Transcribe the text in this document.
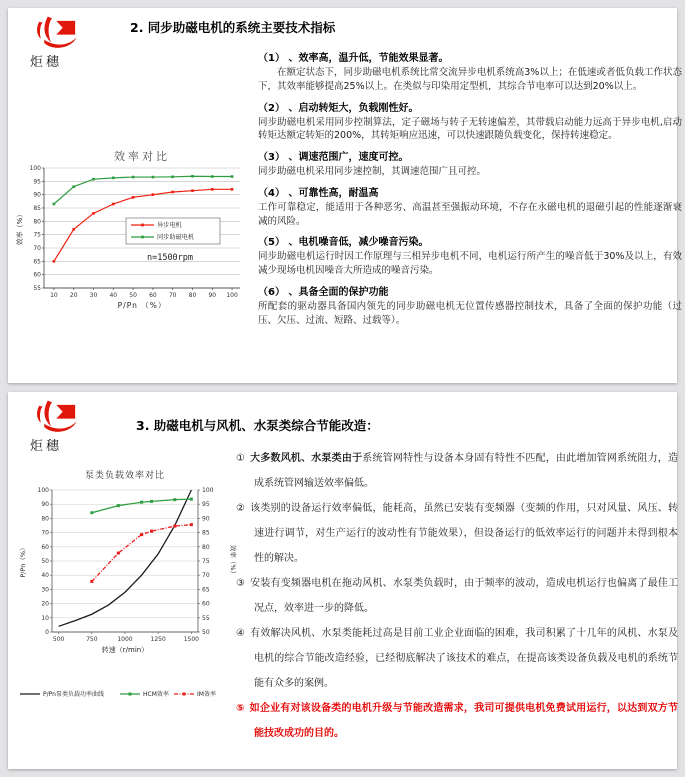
炬穗
2. 同步助磁电机的系统主要技术指标
效率对比
55
60
65
70
75
80
85
90
95
100
10 20 30 40 50 60 70 80 90 100
P/Pn （%）
效率（%）	异步电机
同步助磁电机
n=1500rpm
（1） 、效率高，温升低，节能效果显著。
在额定状态下，同步助磁电机系统比常交流异步电机系统高3%以上；在低速或者低负载工作状态下，其效率能够提高25%以上。在类似与印染用定型机，其综合节电率可以达到20%以上。
（2） 、启动转矩大，负载刚性好。
同步助磁电机采用同步控制算法，定子磁场与转子无转速偏差，其带载启动能力远高于异步电机,启动转矩达额定转矩的200%，其转矩响应迅速，可以快速跟随负载变化，保持转速稳定。
（3） 、调速范围广，速度可控。
同步助磁电机采用同步速控制，其调速范围广且可控。
（4） 、可靠性高，耐温高
工作可靠稳定，能适用于各种恶劣、高温甚至强振动环境，不存在永磁电机的退磁引起的性能逐渐衰减的风险。
（5） 、电机噪音低，减少噪音污染。
同步助磁电机运行时因工作原理与三相异步电机不同，电机运行所产生的噪音低于30%及以上，有效减少现场电机因噪音大所造成的噪音污染。
（6） 、具备全面的保护功能
所配套的驱动器具备国内领先的同步助磁电机无位置传感器控制技术，具备了全面的保护功能（过压、欠压、过流、短路、过载等）。
炬穗
3. 助磁电机与风机、水泵类综合节能改造：
泵类负载效率对比
0
10
20
30
40
50
60
70
80
90
100
50
55
60
65
70
75
80
85
90
95
100
500	750	1000	1250	1500
转速（r/min）
P/Pn（%）	效率（%）
P/Pn泵类负载功率曲线	HCM效率	IM效率
① 大多数风机、水泵类由于系统管网特性与设备本身固有特性不匹配，由此增加管网系统阻力，造成系统管网输送效率偏低。
② 该类别的设备运行效率偏低，能耗高，虽然已安装有变频器（变频的作用，只对风量、风压、转速进行调节，对生产运行的波动性有节能效果），但设备运行的低效率运行的问题并未得到根本性的解决。
③ 安装有变频器电机在拖动风机、水泵类负载时，由于频率的波动，造成电机运行也偏离了最佳工况点，效率进一步的降低。
④ 有效解决风机、水泵类能耗过高是目前工业企业面临的困难，我司积累了十几年的风机、水泵及电机的综合节能改造经验，已经彻底解决了该技术的难点，在提高该类设备负载及电机的系统节能有众多的案例。
⑤ 如企业有对该设备类的电机升级与节能改造需求，我司可提供电机免费试用运行，以达到双方节能技改成功的目的。
